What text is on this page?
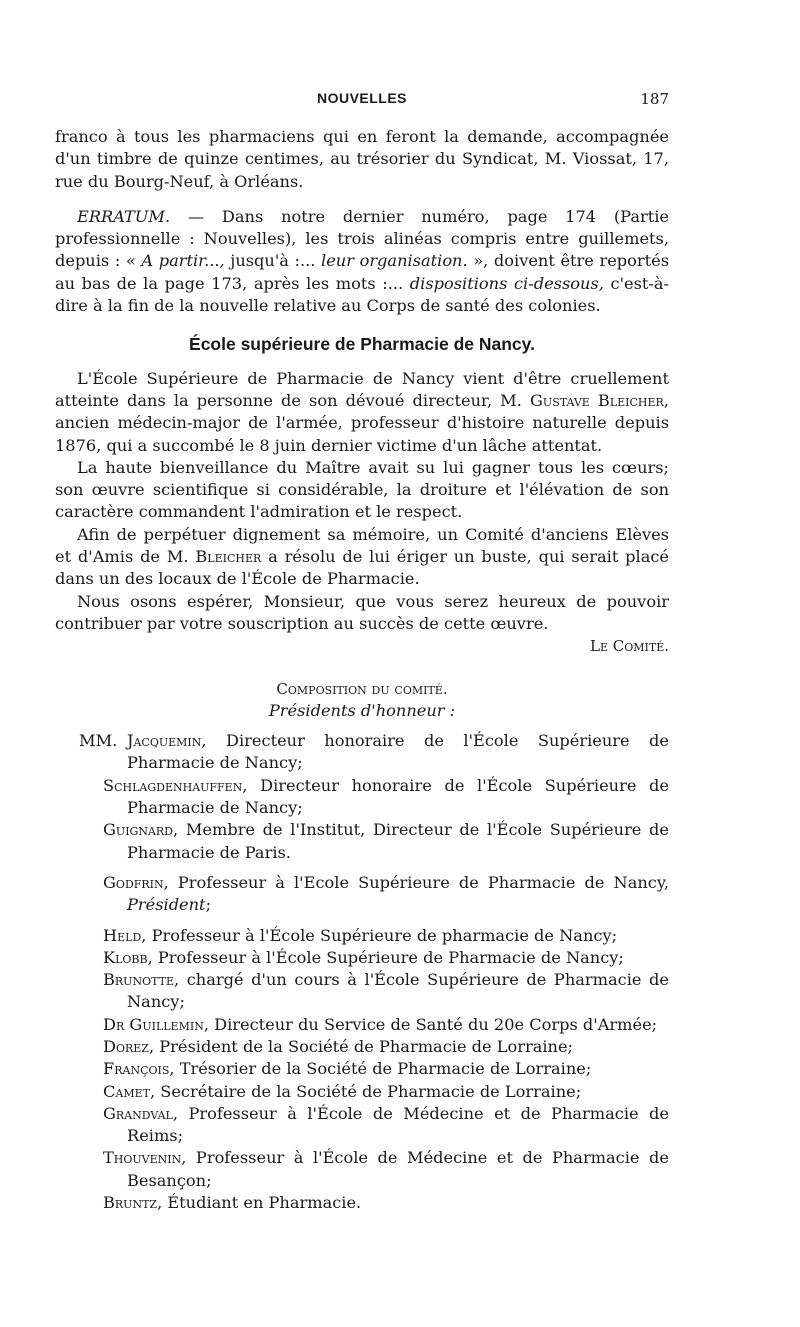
NOUVELLES	187

franco à tous les pharmaciens qui en feront la demande, accompagnée d'un timbre de quinze centimes, au trésorier du Syndicat, M. Viossat, 17, rue du Bourg-Neuf, à Orléans.

ERRATUM. — Dans notre dernier numéro, page 174 (Partie professionnelle : Nouvelles), les trois alinéas compris entre guillemets, depuis : « A partir..., jusqu'à :... leur organisation. », doivent être reportés au bas de la page 173, après les mots :... dispositions ci-dessous, c'est-à-dire à la fin de la nouvelle relative au Corps de santé des colonies.

École supérieure de Pharmacie de Nancy.

L'École Supérieure de Pharmacie de Nancy vient d'être cruellement atteinte dans la personne de son dévoué directeur, M. Gustave Bleicher, ancien médecin-major de l'armée, professeur d'histoire naturelle depuis 1876, qui a succombé le 8 juin dernier victime d'un lâche attentat.

La haute bienveillance du Maître avait su lui gagner tous les cœurs; son œuvre scientifique si considérable, la droiture et l'élévation de son caractère commandent l'admiration et le respect.

Afin de perpétuer dignement sa mémoire, un Comité d'anciens Elèves et d'Amis de M. Bleicher a résolu de lui ériger un buste, qui serait placé dans un des locaux de l'École de Pharmacie.

Nous osons espérer, Monsieur, que vous serez heureux de pouvoir contribuer par votre souscription au succès de cette œuvre.

Le Comité.

Composition du comité.
Présidents d'honneur :

MM. Jacquemin, Directeur honoraire de l'École Supérieure de Pharmacie de Nancy;

Schlagdenhauffen, Directeur honoraire de l'École Supérieure de Pharmacie de Nancy;

Guignard, Membre de l'Institut, Directeur de l'École Supérieure de Pharmacie de Paris.

Godfrin, Professeur à l'Ecole Supérieure de Pharmacie de Nancy, Président;

Held, Professeur à l'École Supérieure de pharmacie de Nancy;

Klobb, Professeur à l'École Supérieure de Pharmacie de Nancy;

Brunotte, chargé d'un cours à l'École Supérieure de Pharmacie de Nancy;

Dr Guillemin, Directeur du Service de Santé du 20e Corps d'Armée;

Dorez, Président de la Société de Pharmacie de Lorraine;

François, Trésorier de la Société de Pharmacie de Lorraine;

Camet, Secrétaire de la Société de Pharmacie de Lorraine;

Grandval, Professeur à l'École de Médecine et de Pharmacie de Reims;

Thouvenin, Professeur à l'École de Médecine et de Pharmacie de Besançon;

Bruntz, Étudiant en Pharmacie.
